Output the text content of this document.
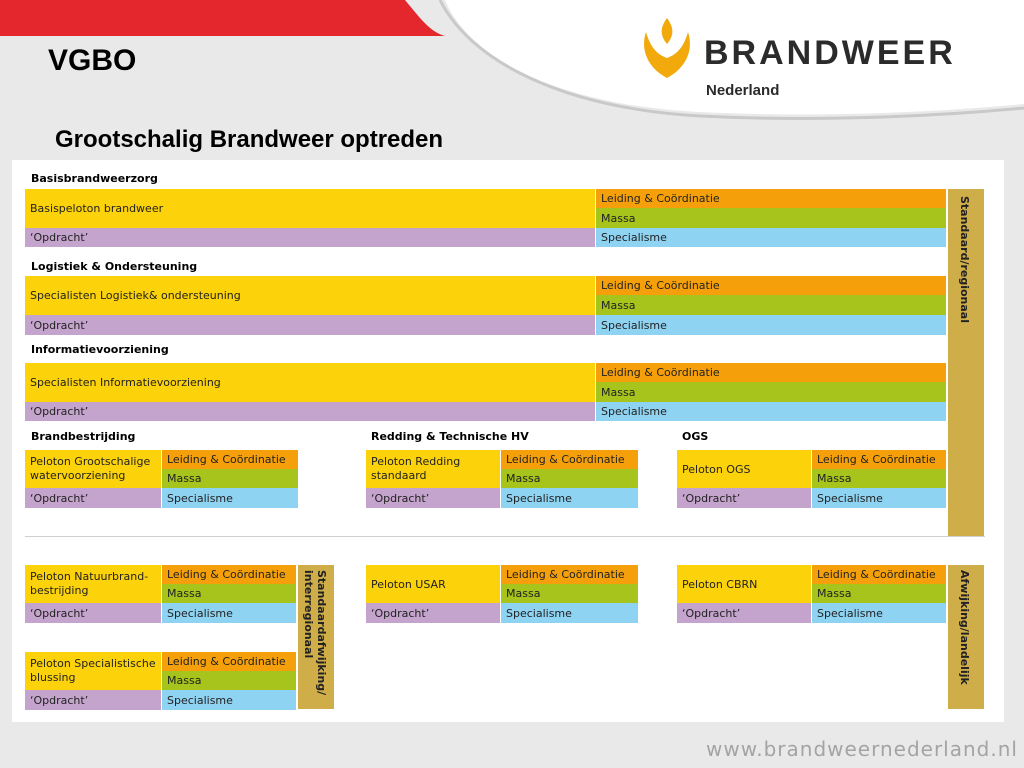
VGBO	BRANDWEER
Nederland
Grootschalig Brandweer optreden
Basisbrandweerzorg
Basispeloton brandweer
‘Opdracht’
Leiding & Coördinatie
Massa
Specialisme
Logistiek & Ondersteuning
Specialisten Logistiek& ondersteuning
‘Opdracht’
Leiding & Coördinatie
Massa
Specialisme
Informatievoorziening
Specialisten Informatievoorziening
‘Opdracht’
Leiding & Coördinatie
Massa
Specialisme
Brandbestrijding	Redding & Technische HV	OGS
Peloton Grootschalige watervoorziening
‘Opdracht’
Leiding & Coördinatie
Massa
Specialisme
Peloton Redding standaard
‘Opdracht’
Leiding & Coördinatie
Massa
Specialisme
Peloton OGS
‘Opdracht’
Leiding & Coördinatie
Massa
Specialisme
Standaard/regionaal
Peloton Natuurbrand-bestrijding
‘Opdracht’
Leiding & Coördinatie
Massa
Specialisme
Peloton Specialistische blussing
‘Opdracht’
Leiding & Coördinatie
Massa
Specialisme
Standaardafwijking/
interregionaal	Peloton USAR
‘Opdracht’
Leiding & Coördinatie
Massa
Specialisme
Peloton CBRN
‘Opdracht’
Leiding & Coördinatie
Massa
Specialisme	Afwijking/landelijk
www.brandweernederland.nl
